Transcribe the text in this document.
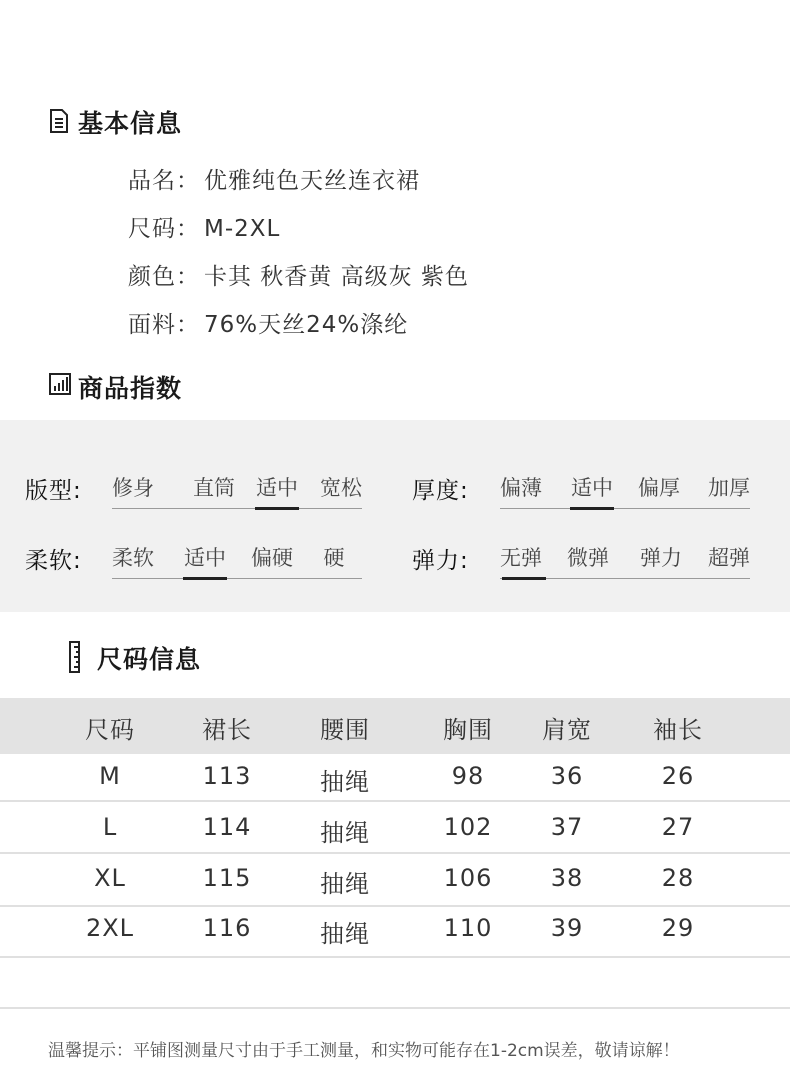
基本信息
品名： 优雅纯色天丝连衣裙
尺码： M-2XL
颜色： 卡其 秋香黄 高级灰 紫色
面料： 76%天丝24%涤纶
商品指数
版型: 修身	直筒	适中	宽松 厚度: 偏薄	适中	偏厚	加厚
柔软: 柔软	适中	偏硬	硬	弹力: 无弹	微弹	弹力	超弹
尺码信息
尺码	裙长	腰围	胸围 肩宽	袖长
M	113	抽绳	98	36	26
L	114	抽绳	102 37	27
XL	115	抽绳	106 38	28
2XL	116	抽绳	110 39	29
温馨提示：平铺图测量尺寸由于手工测量，和实物可能存在1-2cm误差，敬请谅解！
